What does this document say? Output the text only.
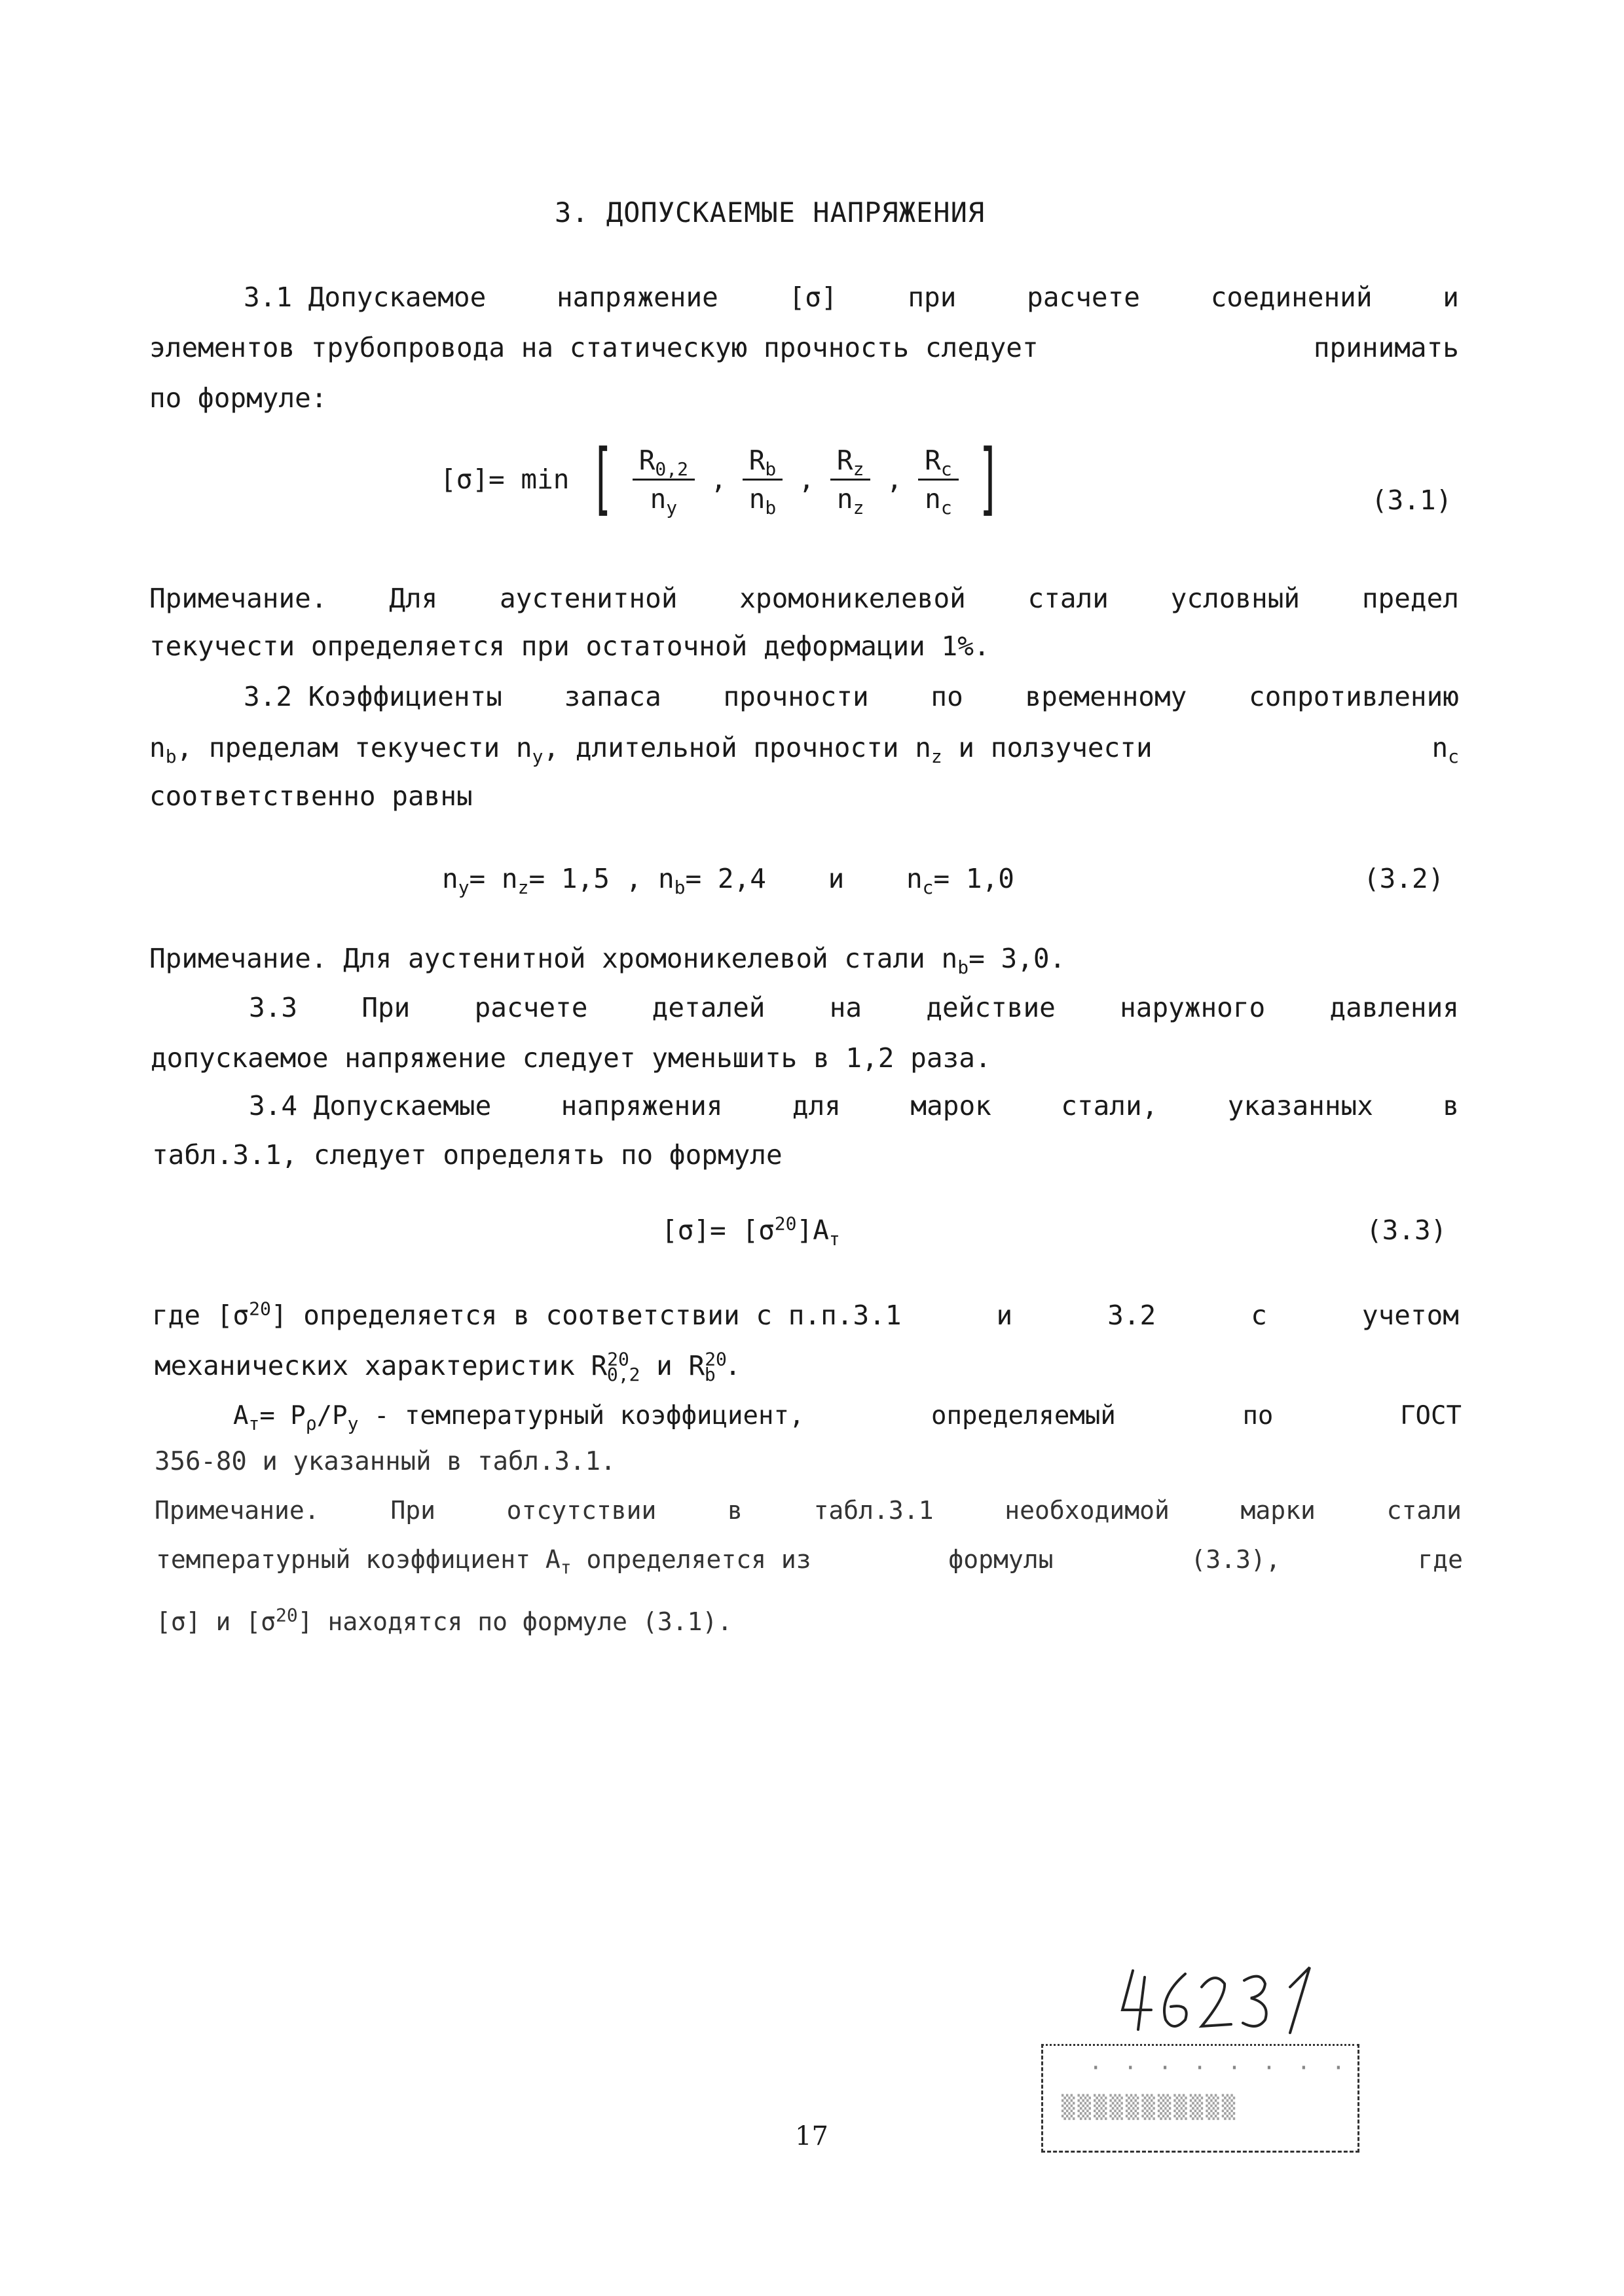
3. ДОПУСКАЕМЫЕ НАПРЯЖЕНИЯ
3.1 Допускаемое	напряжение	[σ]	при	расчете	соединений	и
элементов трубопровода на статическую прочность следует	принимать
по формуле:
[σ]= min [ $\frac{R_{0,2}}{n_y}$ , $\frac{R_b}{n_b}$ , $\frac{R_z}{n_z}$ , $\frac{R_c}{n_c}$ ]	(3.1)
Примечание. Для аустенитной хромоникелевой стали условный предел
текучести определяется при остаточной деформации 1%.
3.2 Коэффициенты запаса прочности по временному сопротивлению
$n_b$, пределам текучести $n_y$, длительной прочности $n_z$ и ползучести	$n_c$
соответственно равны
$n_y= n_z= 1,5$ , $n_b= 2,4$ и $n_c= 1,0$	(3.2)
Примечание. Для аустенитной хромоникелевой стали $n_b= 3,0$.
3.3 При расчете деталей на действие наружного давления
допускаемое напряжение следует уменьшить в 1,2 раза.
3.4 Допускаемые	напряжения	для	марок	стали,	указанных	в
табл.3.1, следует определять по формуле
$[\sigma]= [\sigma^{20}]A_т$	(3.3)
где $[\sigma^{20}]$ определяется в соответствии с п.п.3.1	и	3.2	с	учетом
механических характеристик $R^{20}_{0,2}$ и $R^{20}_b$ .
$A_т= P_\rho/P_y$ - температурный коэффициент,	определяемый	по	ГОСТ
356-80 и указанный в табл.3.1.
Примечание.	При	отсутствии	в	табл.3.1	необходимой	марки	стали
температурный коэффициент $A_т$ определяется из	формулы	(3.3),	где
[σ] и $[\sigma^{20}]$ находятся по формуле (3.1).
· · · · · · · ·
▒▒▒▒▒▒▒▒▒▒▒
17
